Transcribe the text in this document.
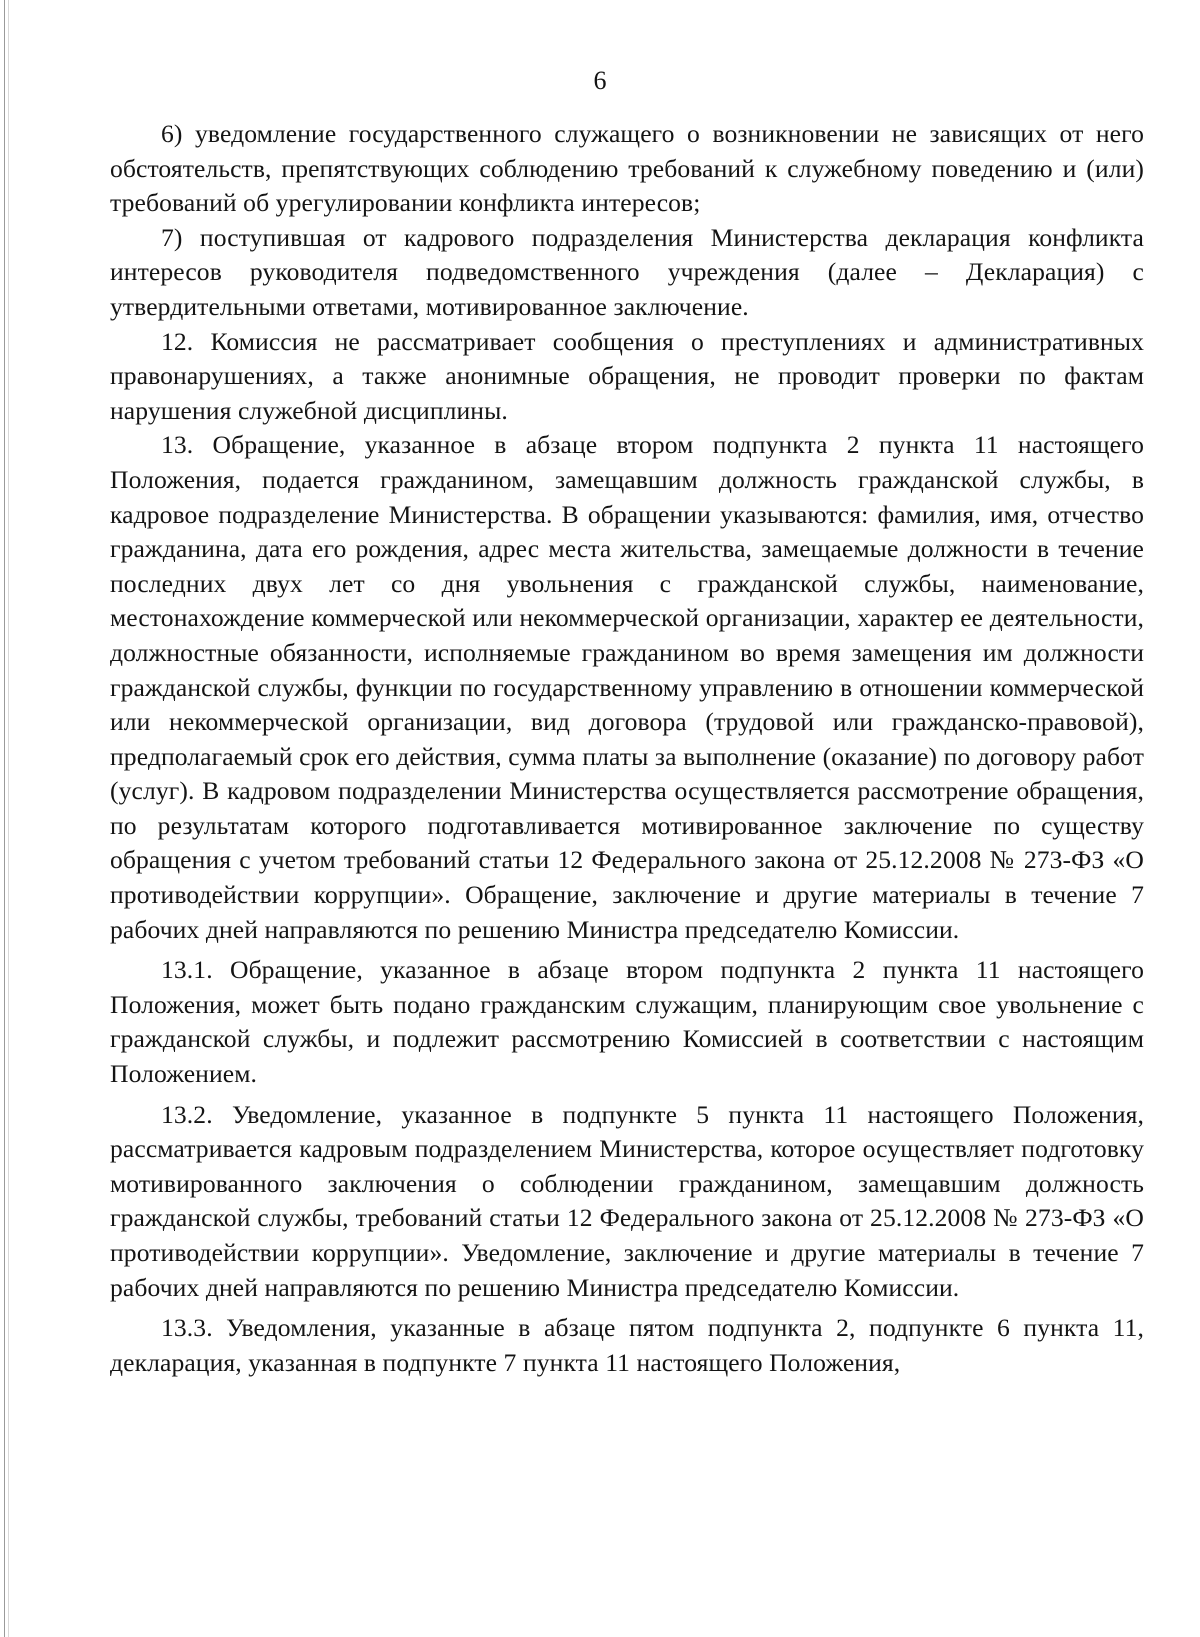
6

6) уведомление государственного служащего о возникновении не зависящих от него обстоятельств, препятствующих соблюдению требований к служебному поведению и (или) требований об урегулировании конфликта интересов;

7) поступившая от кадрового подразделения Министерства декларация конфликта интересов руководителя подведомственного учреждения (далее – Декларация) с утвердительными ответами, мотивированное заключение.

12. Комиссия не рассматривает сообщения о преступлениях и административных правонарушениях, а также анонимные обращения, не проводит проверки по фактам нарушения служебной дисциплины.

13. Обращение, указанное в абзаце втором подпункта 2 пункта 11 настоящего Положения, подается гражданином, замещавшим должность гражданской службы, в кадровое подразделение Министерства. В обращении указываются: фамилия, имя, отчество гражданина, дата его рождения, адрес места жительства, замещаемые должности в течение последних двух лет со дня увольнения с гражданской службы, наименование, местонахождение коммерческой или некоммерческой организации, характер ее деятельности, должностные обязанности, исполняемые гражданином во время замещения им должности гражданской службы, функции по государственному управлению в отношении коммерческой или некоммерческой организации, вид договора (трудовой или гражданско-правовой), предполагаемый срок его действия, сумма платы за выполнение (оказание) по договору работ (услуг). В кадровом подразделении Министерства осуществляется рассмотрение обращения, по результатам которого подготавливается мотивированное заключение по существу обращения с учетом требований статьи 12 Федерального закона от 25.12.2008 № 273-ФЗ «О противодействии коррупции». Обращение, заключение и другие материалы в течение 7 рабочих дней направляются по решению Министра председателю Комиссии.

13.1. Обращение, указанное в абзаце втором подпункта 2 пункта 11 настоящего Положения, может быть подано гражданским служащим, планирующим свое увольнение с гражданской службы, и подлежит рассмотрению Комиссией в соответствии с настоящим Положением.

13.2. Уведомление, указанное в подпункте 5 пункта 11 настоящего Положения, рассматривается кадровым подразделением Министерства, которое осуществляет подготовку мотивированного заключения о соблюдении гражданином, замещавшим должность гражданской службы, требований статьи 12 Федерального закона от 25.12.2008 № 273-ФЗ «О противодействии коррупции». Уведомление, заключение и другие материалы в течение 7 рабочих дней направляются по решению Министра председателю Комиссии.

13.3. Уведомления, указанные в абзаце пятом подпункта 2, подпункте 6 пункта 11, декларация, указанная в подпункте 7 пункта 11 настоящего Положения,
